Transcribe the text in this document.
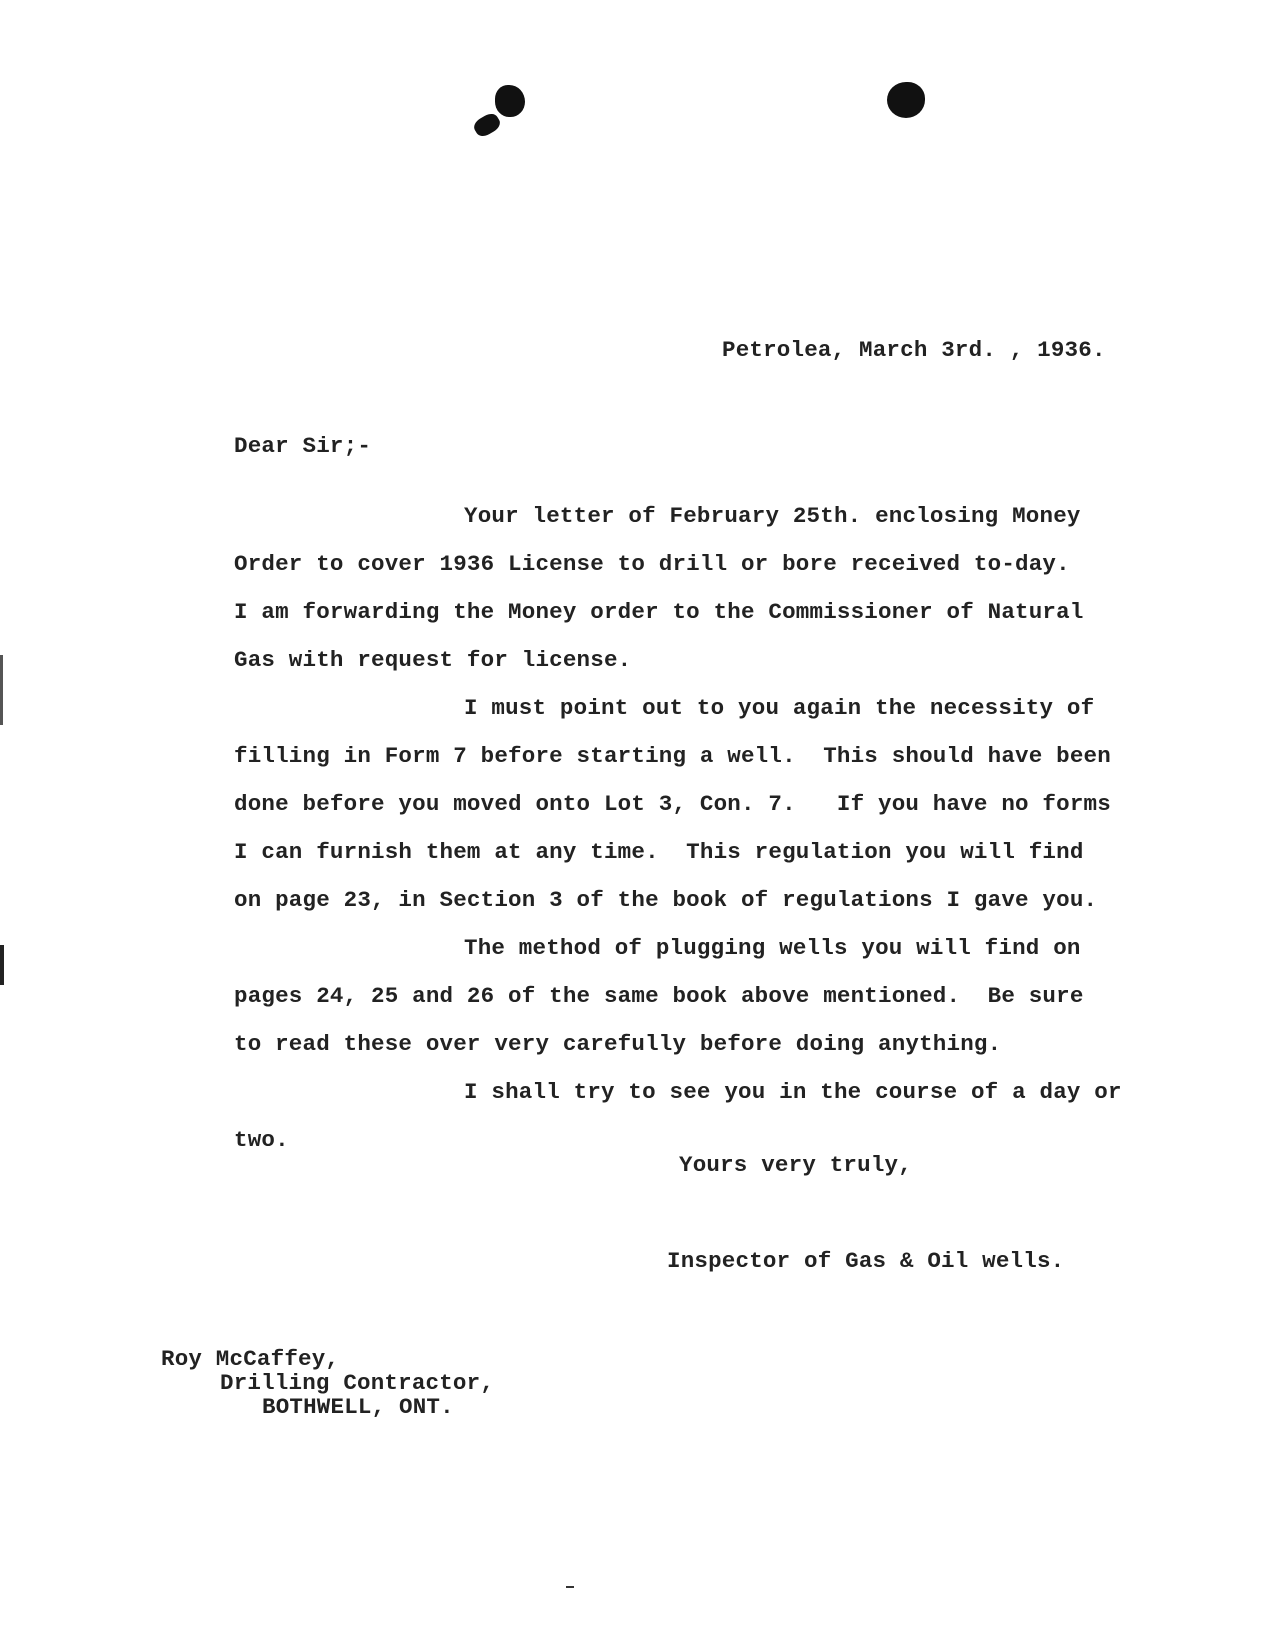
Petrolea, March 3rd. , 1936.
Dear Sir;-
Your letter of February 25th. enclosing Money
Order to cover 1936 License to drill or bore received to-day.
I am forwarding the Money order to the Commissioner of Natural
Gas with request for license.
I must point out to you again the necessity of
filling in Form 7 before starting a well.  This should have been
done before you moved onto Lot 3, Con. 7.   If you have no forms
I can furnish them at any time.  This regulation you will find
on page 23, in Section 3 of the book of regulations I gave you.
The method of plugging wells you will find on
pages 24, 25 and 26 of the same book above mentioned.  Be sure
to read these over very carefully before doing anything.
I shall try to see you in the course of a day or
two.
Yours very truly,
Inspector of Gas & Oil wells.
Roy McCaffey,
Drilling Contractor,
BOTHWELL, ONT.
